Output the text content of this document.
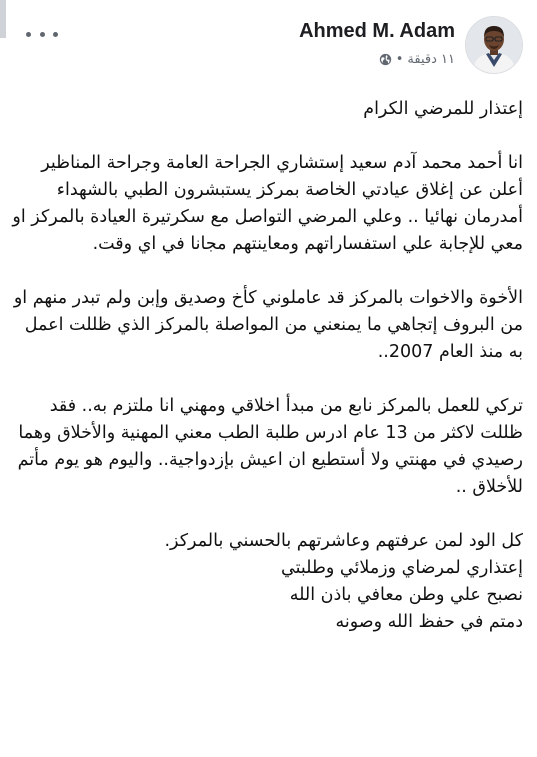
Ahmed M. Adam
١١ دقيقة
•

إعتذار للمرضي الكرام

انا أحمد محمد آدم سعيد إستشاري الجراحة العامة وجراحة المناظير أعلن عن إغلاق عيادتي الخاصة بمركز يستبشرون الطبي بالشهداء أمدرمان نهائيا .. وعلي المرضي التواصل مع سكرتيرة العيادة بالمركز او معي للإجابة علي استفساراتهم ومعاينتهم مجانا في اي وقت.

الأخوة والاخوات بالمركز قد عاملوني كأخ وصديق وإبن ولم تبدر منهم او من البروف إتجاهي ما يمنعني من المواصلة بالمركز الذي ظللت اعمل به منذ العام 2007..

تركي للعمل بالمركز نابع من مبدأ اخلاقي ومهني انا ملتزم به.. فقد ظللت لاكثر من 13 عام ادرس طلبة الطب معني المهنية والأخلاق وهما رصيدي في مهنتي ولا أستطيع ان اعيش بإزدواجية.. واليوم هو يوم مأتم للأخلاق ..

كل الود لمن عرفتهم وعاشرتهم بالحسني بالمركز.

إعتذاري لمرضاي وزملائي وطلبتي

نصبح علي وطن معافي باذن الله

دمتم في حفظ الله وصونه
